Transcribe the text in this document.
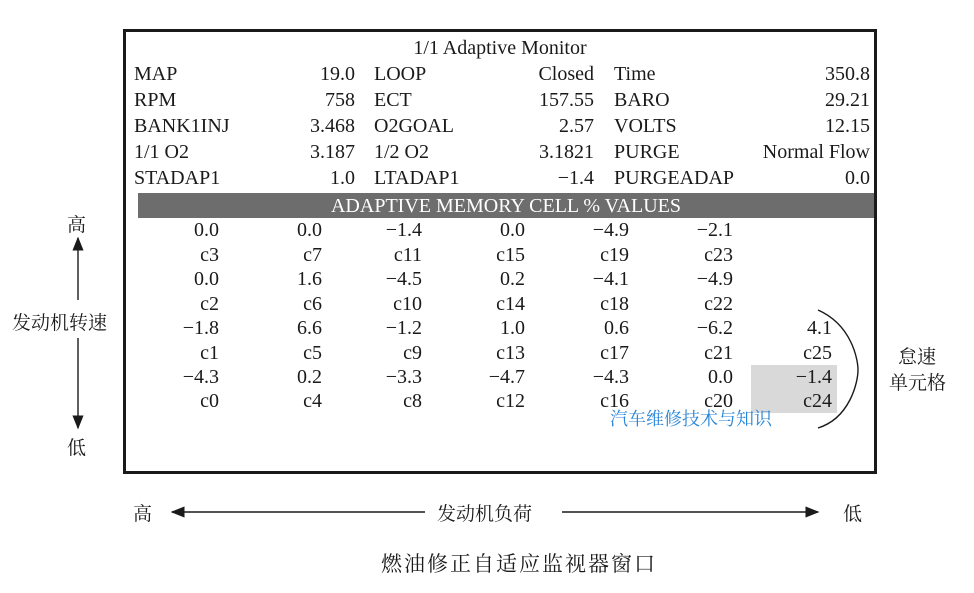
高
发动机转速
低
高	发动机负荷	低
怠速
单元格
燃油修正自适应监视器窗口
1/1 Adaptive Monitor
MAP	19.0 LOOP	Closed Time	350.8
RPM	758 ECT	157.55 BARO	29.21
BANK1INJ	3.468 O2GOAL	2.57 VOLTS	12.15
1/1 O2	3.187 1/2 O2	3.1821 PURGE	Normal Flow
STADAP1	1.0 LTADAP1	−1.4 PURGEADAP	0.0
ADAPTIVE MEMORY CELL % VALUES
0.0	0.0	−1.4	0.0	−4.9	−2.1
c3	c7	c11	c15	c19	c23
0.0	1.6	−4.5	0.2	−4.1	−4.9
c2	c6	c10	c14	c18	c22
−1.8	6.6	−1.2	1.0	0.6	−6.2	4.1
c1	c5	c9	c13	c17	c21	c25
−4.3	0.2	−3.3	−4.7	−4.3	0.0	−1.4
c0	c4	c8	c12	c16	c20	c24
汽车维修技术与知识
